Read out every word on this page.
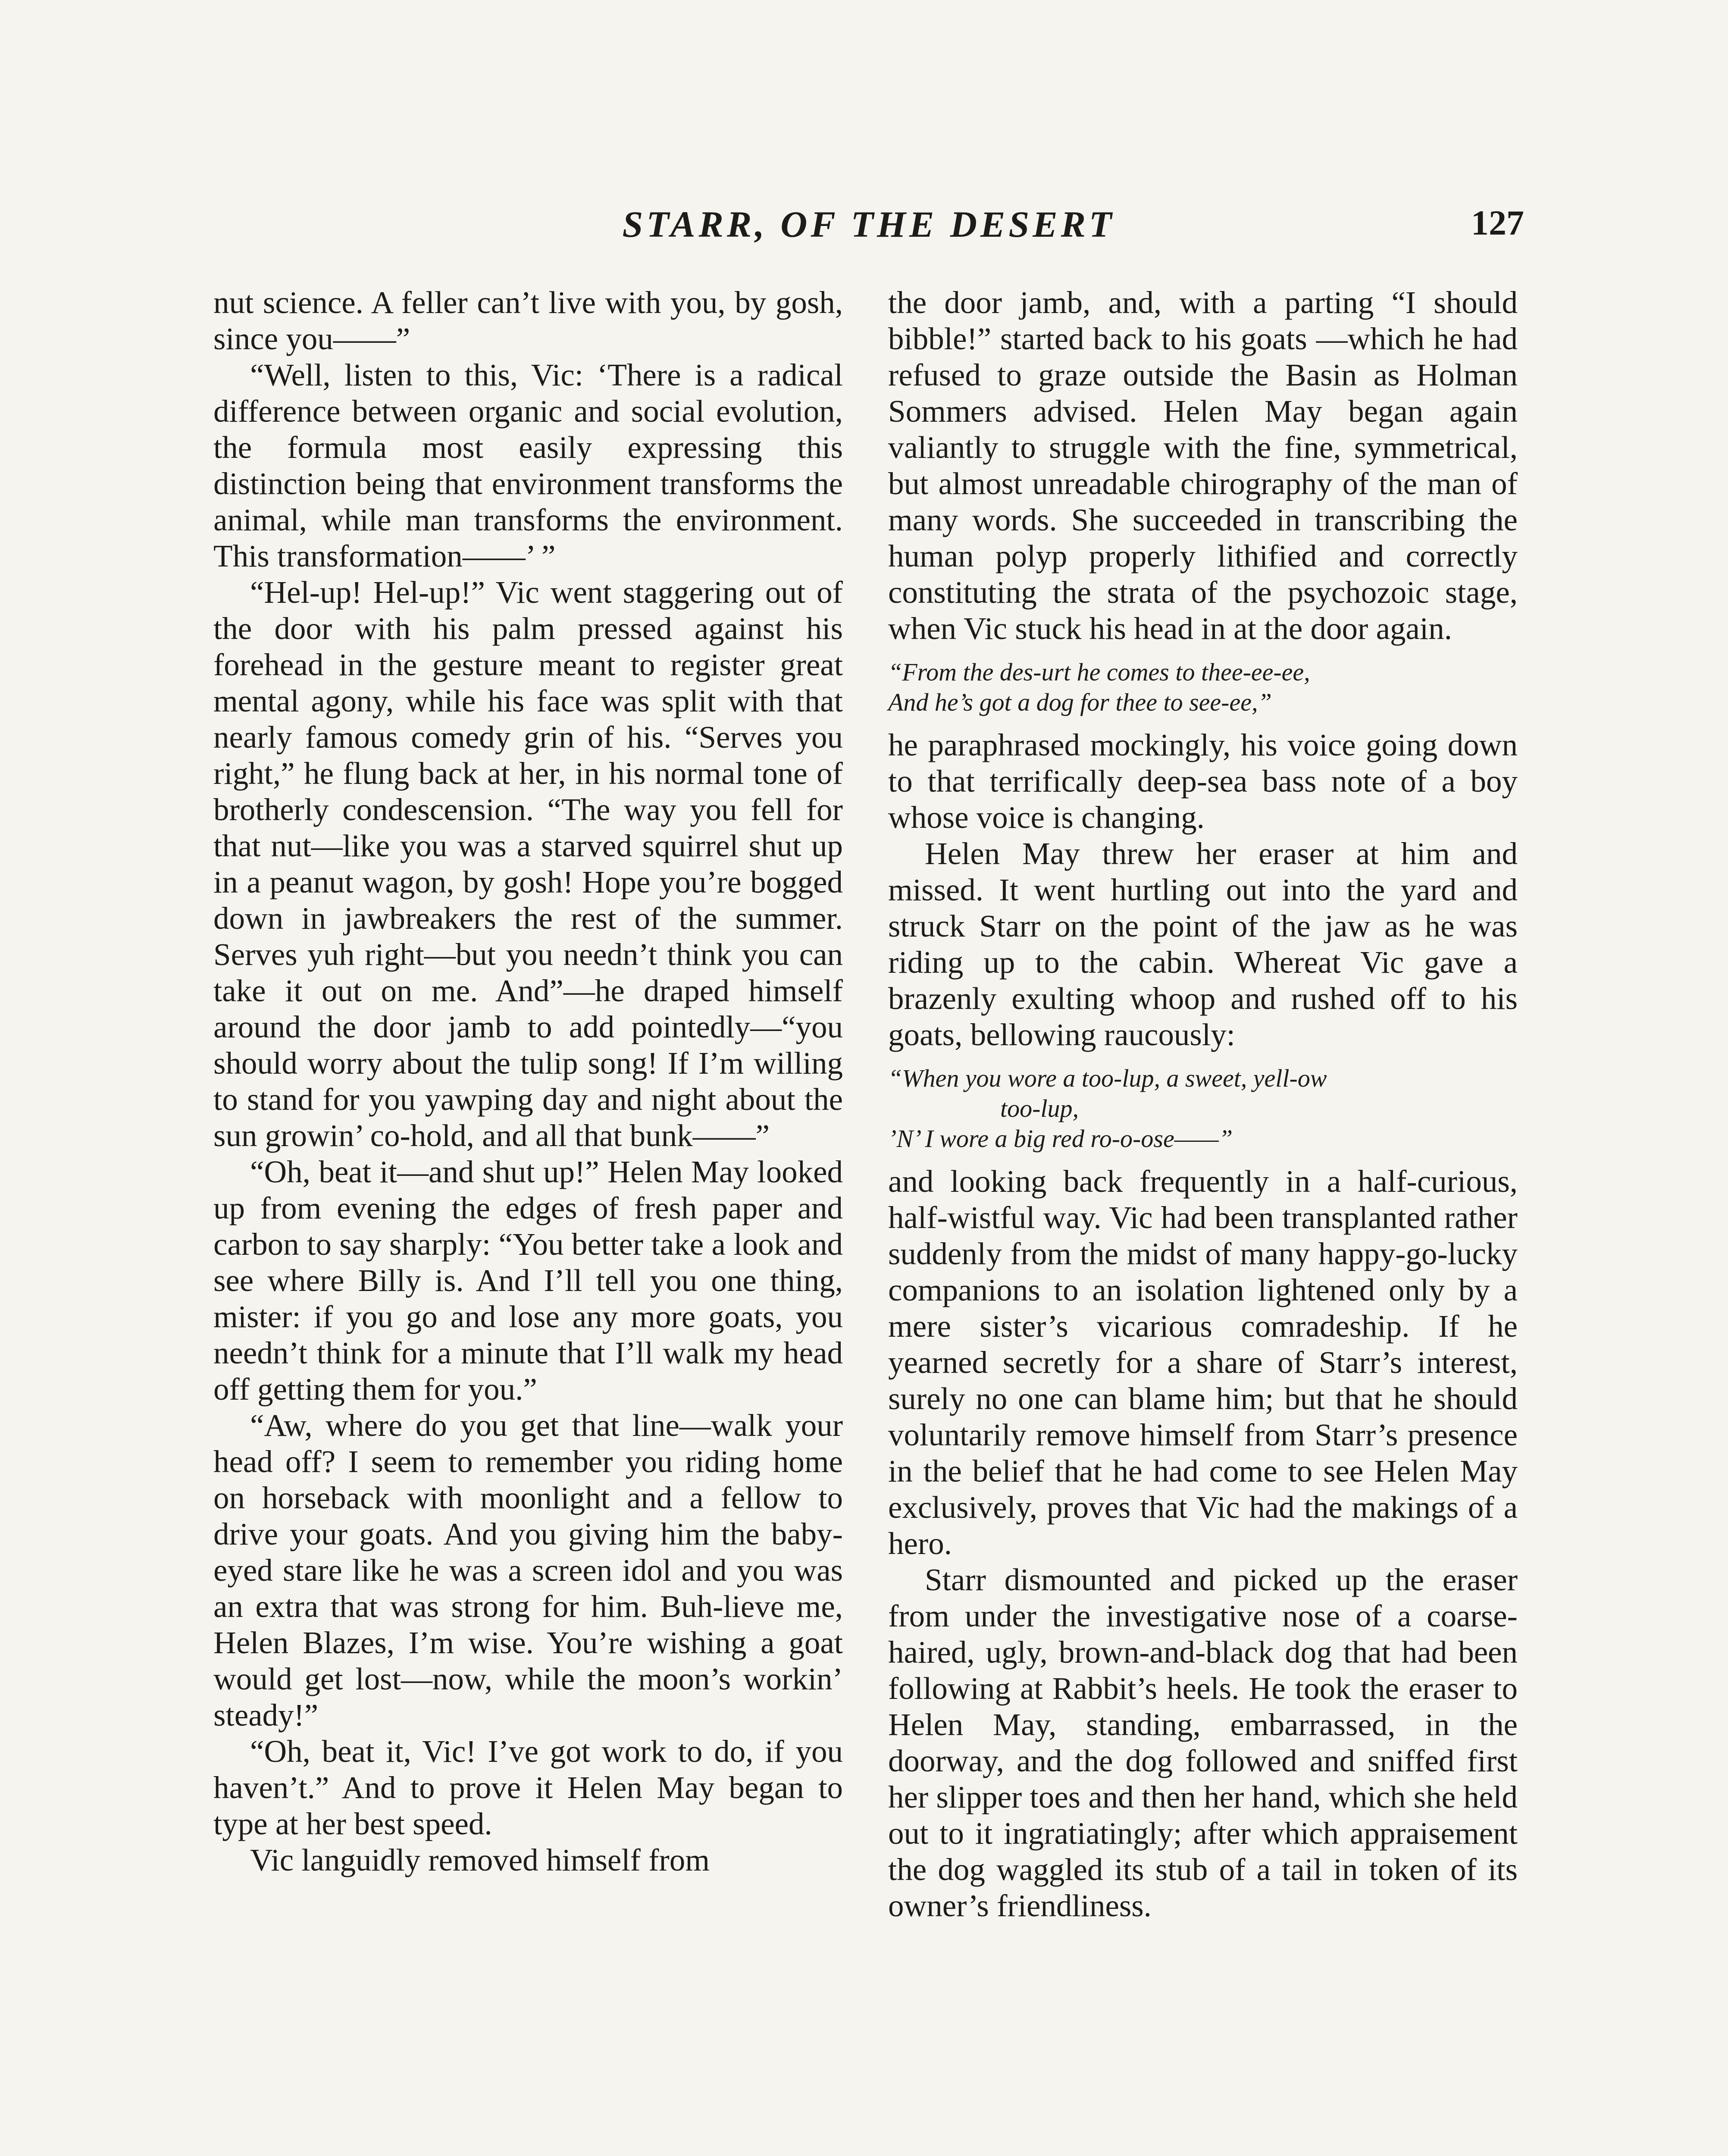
STARR, OF THE DESERT	127

nut science. A feller can’t live with you, by gosh, since you——”

“Well, listen to this, Vic: ‘There is a radical difference between organic and social evolution, the formula most easily expressing this distinction being that environment transforms the animal, while man transforms the environment. This transformation——’ ”

“Hel-up! Hel-up!” Vic went staggering out of the door with his palm pressed against his forehead in the gesture meant to register great mental agony, while his face was split with that nearly famous comedy grin of his. “Serves you right,” he flung back at her, in his normal tone of brotherly condescension. “The way you fell for that nut—like you was a starved squirrel shut up in a peanut wagon, by gosh! Hope you’re bogged down in jawbreakers the rest of the summer. Serves yuh right—but you needn’t think you can take it out on me. And”—he draped himself around the door jamb to add pointedly—“you should worry about the tulip song! If I’m willing to stand for you yawping day and night about the sun growin’ co-hold, and all that bunk——”

“Oh, beat it—and shut up!” Helen May looked up from evening the edges of fresh paper and carbon to say sharply: “You better take a look and see where Billy is. And I’ll tell you one thing, mister: if you go and lose any more goats, you needn’t think for a minute that I’ll walk my head off getting them for you.”

“Aw, where do you get that line—walk your head off? I seem to remember you riding home on horseback with moonlight and a fellow to drive your goats. And you giving him the baby-eyed stare like he was a screen idol and you was an extra that was strong for him. Buh-lieve me, Helen Blazes, I’m wise. You’re wishing a goat would get lost—now, while the moon’s workin’ steady!”

“Oh, beat it, Vic! I’ve got work to do, if you haven’t.” And to prove it Helen May began to type at her best speed.

Vic languidly removed himself from

the door jamb, and, with a parting “I should bibble!” started back to his goats —which he had refused to graze outside the Basin as Holman Sommers advised. Helen May began again valiantly to struggle with the fine, symmetrical, but almost unreadable chirography of the man of many words. She succeeded in transcribing the human polyp properly lithified and correctly constituting the strata of the psychozoic stage, when Vic stuck his head in at the door again.

“From the des-urt he comes to thee-ee-ee,
And he’s got a dog for thee to see-ee,”

he paraphrased mockingly, his voice going down to that terrifically deep-sea bass note of a boy whose voice is changing.

Helen May threw her eraser at him and missed. It went hurtling out into the yard and struck Starr on the point of the jaw as he was riding up to the cabin. Whereat Vic gave a brazenly exulting whoop and rushed off to his goats, bellowing raucously:

“When you wore a too-lup, a sweet, yell-ow
too-lup,
’N’ I wore a big red ro-o-ose——”

and looking back frequently in a half-curious, half-wistful way. Vic had been transplanted rather suddenly from the midst of many happy-go-lucky companions to an isolation lightened only by a mere sister’s vicarious comradeship. If he yearned secretly for a share of Starr’s interest, surely no one can blame him; but that he should voluntarily remove himself from Starr’s presence in the belief that he had come to see Helen May exclusively, proves that Vic had the makings of a hero.

Starr dismounted and picked up the eraser from under the investigative nose of a coarse-haired, ugly, brown-and-black dog that had been following at Rabbit’s heels. He took the eraser to Helen May, standing, embarrassed, in the doorway, and the dog followed and sniffed first her slipper toes and then her hand, which she held out to it ingratiatingly; after which appraisement the dog waggled its stub of a tail in token of its owner’s friendliness.
